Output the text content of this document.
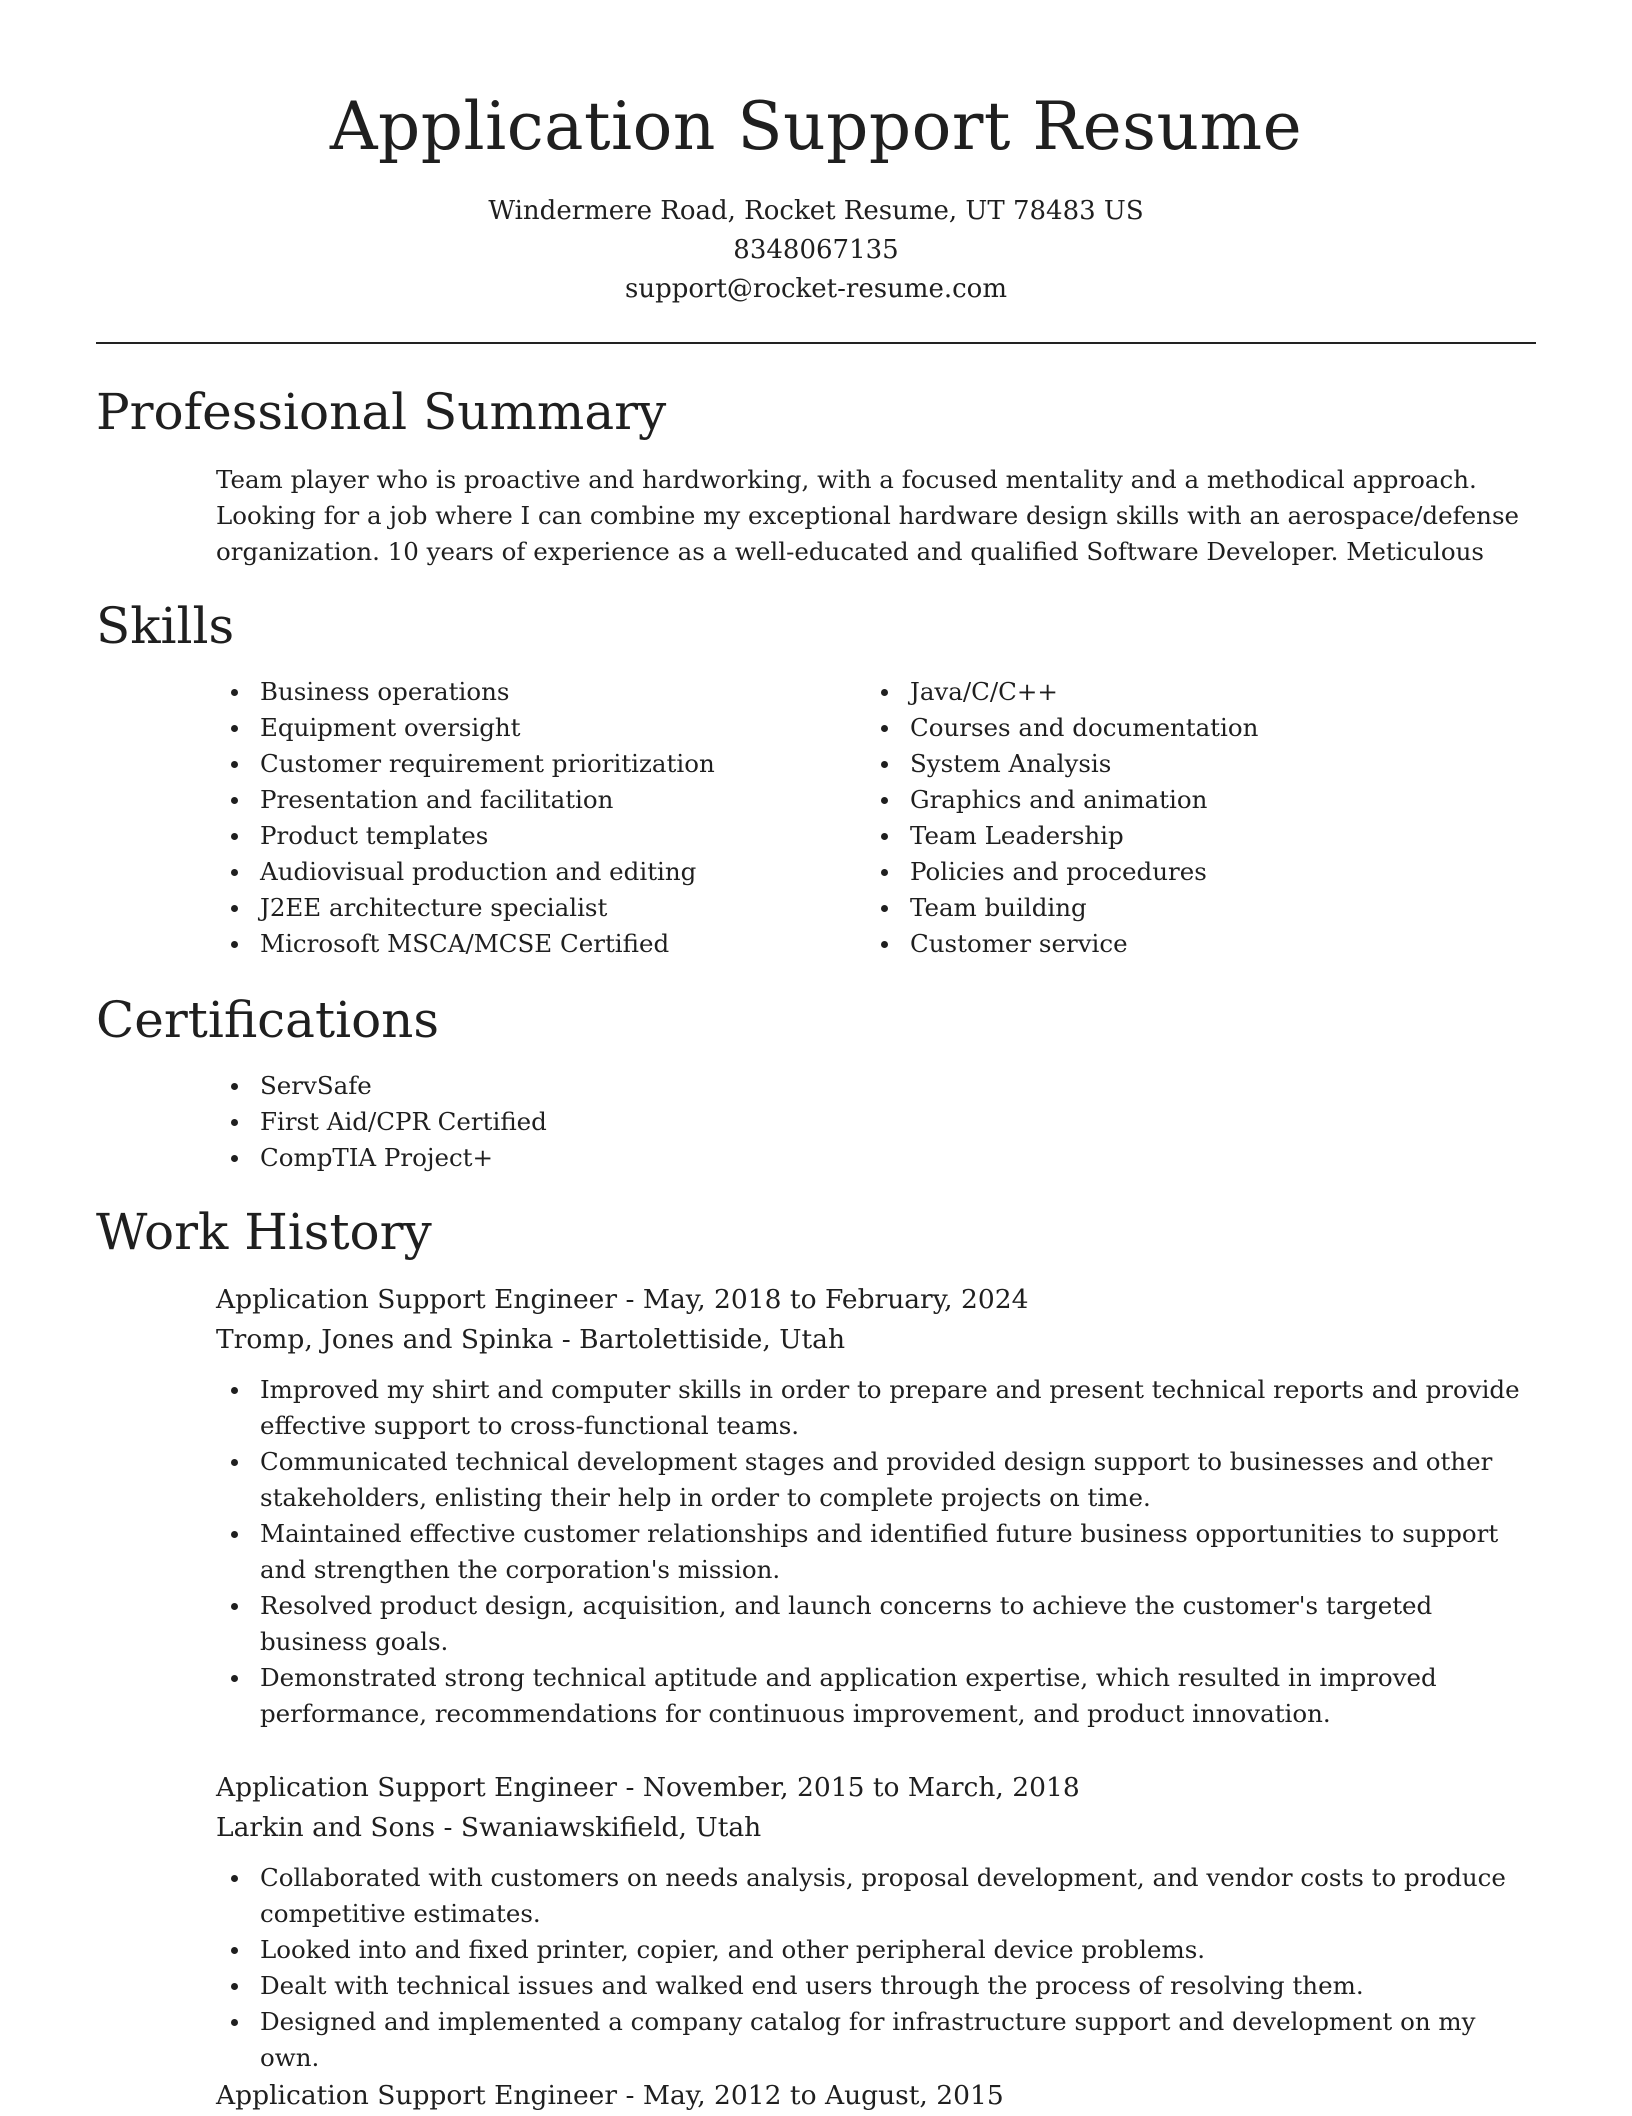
Application Support Resume
Windermere Road, Rocket Resume, UT 78483 US
8348067135
support@rocket-resume.com
Professional Summary

Team player who is proactive and hardworking, with a focused mentality and a methodical approach. Looking for a job where I can combine my exceptional hardware design skills with an aerospace/defense organization. 10 years of experience as a well-educated and qualified Software Developer. Meticulous

Skills
Business operations
Equipment oversight
Customer requirement prioritization
Presentation and facilitation
Product templates
Audiovisual production and editing
J2EE architecture specialist
Microsoft MSCA/MCSE Certified
Java/C/C++
Courses and documentation
System Analysis
Graphics and animation
Team Leadership
Policies and procedures
Team building
Customer service
Certifications
ServSafe
First Aid/CPR Certified
CompTIA Project+
Work History
Application Support Engineer - May, 2018 to February, 2024
Tromp, Jones and Spinka - Bartolettiside, Utah
Improved my shirt and computer skills in order to prepare and present technical reports and provide effective support to cross-functional teams.
Communicated technical development stages and provided design support to businesses and other stakeholders, enlisting their help in order to complete projects on time.
Maintained effective customer relationships and identified future business opportunities to support and strengthen the corporation's mission.
Resolved product design, acquisition, and launch concerns to achieve the customer's targeted business goals.
Demonstrated strong technical aptitude and application expertise, which resulted in improved performance, recommendations for continuous improvement, and product innovation.
Application Support Engineer - November, 2015 to March, 2018
Larkin and Sons - Swaniawskifield, Utah
Collaborated with customers on needs analysis, proposal development, and vendor costs to produce competitive estimates.
Looked into and fixed printer, copier, and other peripheral device problems.
Dealt with technical issues and walked end users through the process of resolving them.
Designed and implemented a company catalog for infrastructure support and development on my own.
Application Support Engineer - May, 2012 to August, 2015
